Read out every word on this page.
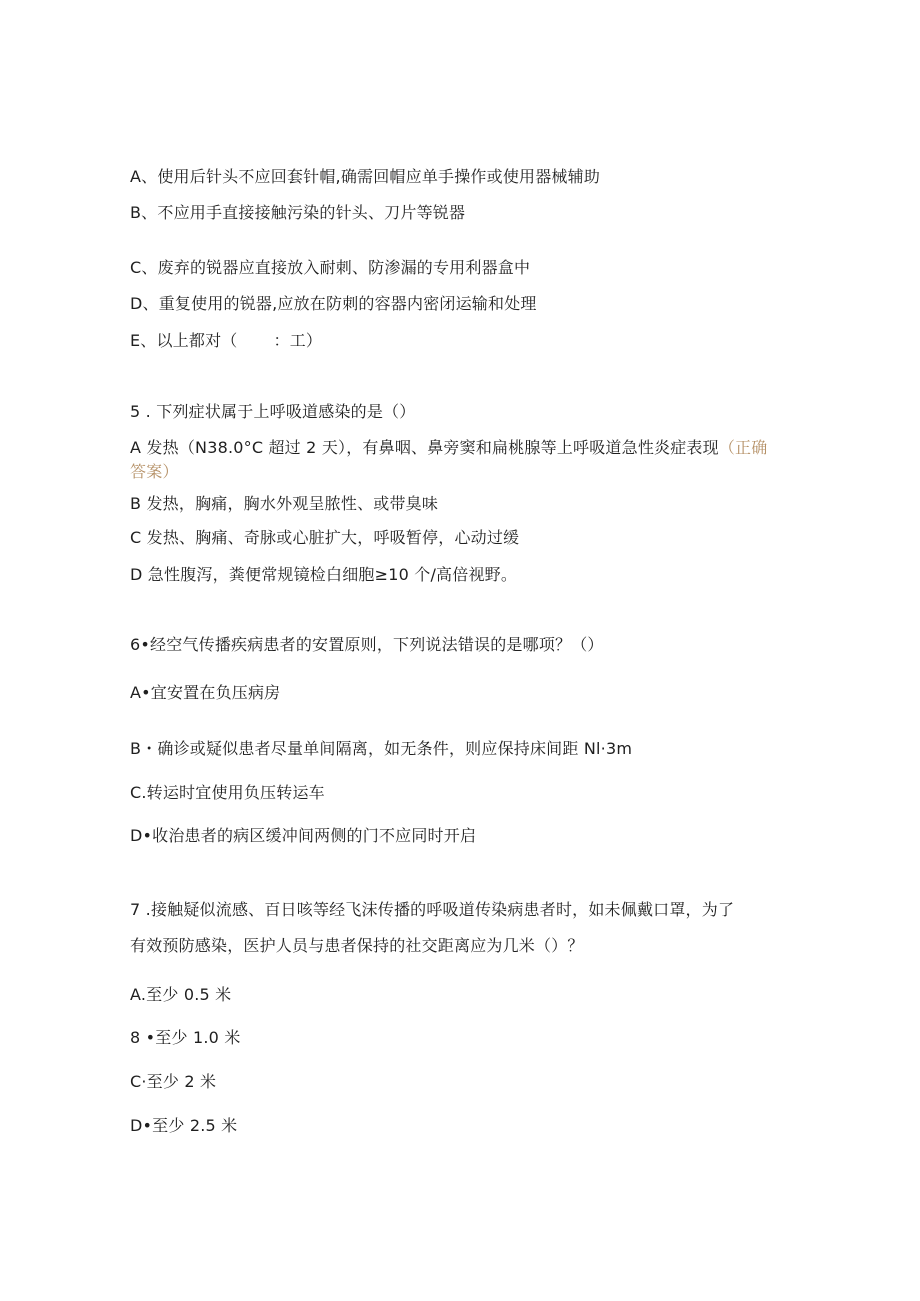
A、使用后针头不应回套针帽,确需回帽应单手操作或使用器械辅助
B、不应用手直接接触污染的针头、刀片等锐器
C、废弃的锐器应直接放入耐刺、防渗漏的专用利器盒中
D、重复使用的锐器,应放在防刺的容器内密闭运输和处理
E、以上都对（ ：工）
5 . 下列症状属于上呼吸道感染的是（）
A 发热（N38.0°C 超过 2 天），有鼻咽、鼻旁窦和扁桃腺等上呼吸道急性炎症表现（正确
答案）
B 发热，胸痛，胸水外观呈脓性、或带臭味
C 发热、胸痛、奇脉或心脏扩大，呼吸暂停，心动过缓
D 急性腹泻，粪便常规镜检白细胞≥10 个/高倍视野。
6•经空气传播疾病患者的安置原则，下列说法错误的是哪项？（）
A•宜安置在负压病房
B・确诊或疑似患者尽量单间隔离，如无条件，则应保持床间距 Nl·3m
C.转运时宜使用负压转运车
D•收治患者的病区缓冲间两侧的门不应同时开启
7 .接触疑似流感、百日咳等经飞沫传播的呼吸道传染病患者时，如未佩戴口罩，为了
有效预防感染，医护人员与患者保持的社交距离应为几米（）？
A.至少 0.5 米
8 •至少 1.0 米
C·至少 2 米
D•至少 2.5 米
